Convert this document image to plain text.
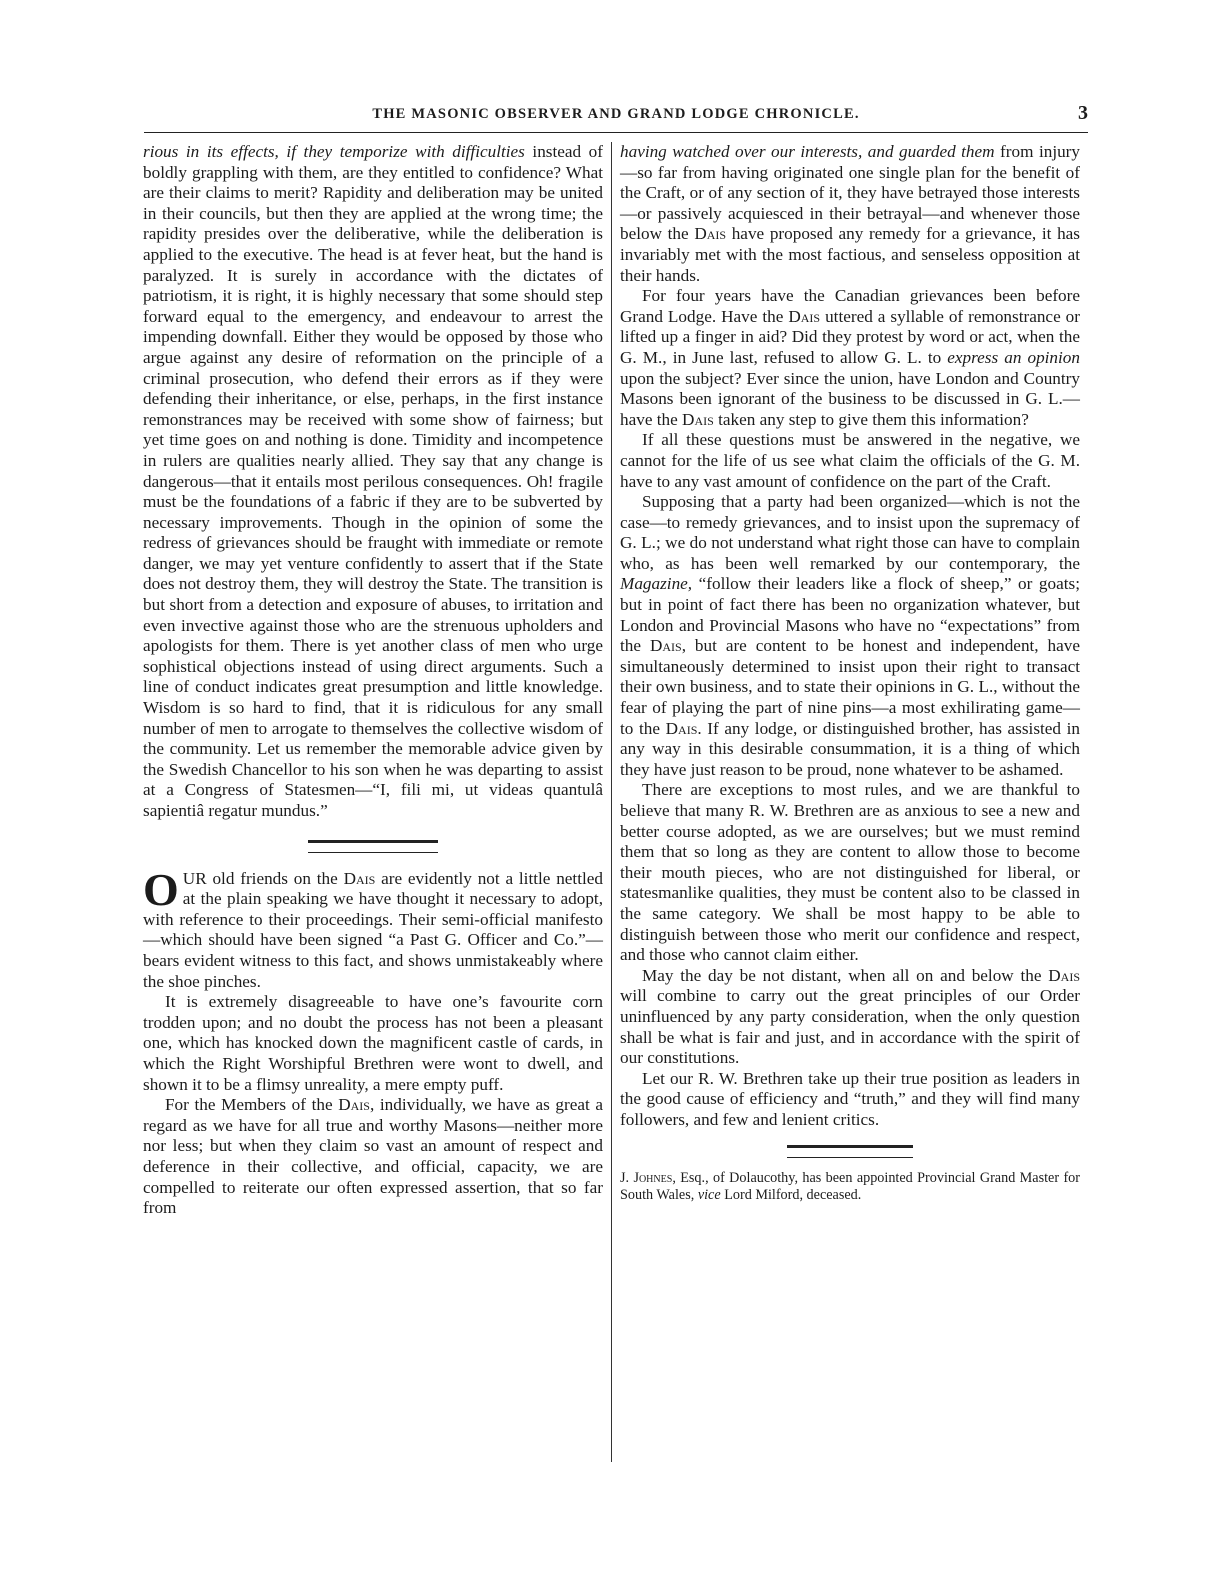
THE MASONIC OBSERVER AND GRAND LODGE CHRONICLE.	3

rious in its effects, if they temporize with difficulties instead of boldly grappling with them, are they entitled to confidence? What are their claims to merit? Rapidity and deliberation may be united in their councils, but then they are applied at the wrong time; the rapidity presides over the deliberative, while the deliberation is applied to the executive. The head is at fever heat, but the hand is paralyzed. It is surely in accordance with the dictates of patriotism, it is right, it is highly necessary that some should step forward equal to the emergency, and endeavour to arrest the impending downfall. Either they would be opposed by those who argue against any desire of reformation on the principle of a criminal prosecution, who defend their errors as if they were defending their inheritance, or else, perhaps, in the first instance remonstrances may be received with some show of fairness; but yet time goes on and nothing is done. Timidity and incompetence in rulers are qualities nearly allied. They say that any change is dangerous—that it entails most perilous consequences. Oh! fragile must be the foundations of a fabric if they are to be subverted by necessary improvements. Though in the opinion of some the redress of grievances should be fraught with immediate or remote danger, we may yet venture confidently to assert that if the State does not destroy them, they will destroy the State. The transition is but short from a detection and exposure of abuses, to irritation and even invective against those who are the strenuous upholders and apologists for them. There is yet another class of men who urge sophistical objections instead of using direct arguments. Such a line of conduct indicates great presumption and little knowledge. Wisdom is so hard to find, that it is ridiculous for any small number of men to arrogate to themselves the collective wisdom of the community. Let us remember the memorable advice given by the Swedish Chancellor to his son when he was departing to assist at a Congress of Statesmen—“I, fili mi, ut videas quantulâ sapientiâ regatur mundus.”

OUR old friends on the Dais are evidently not a little nettled at the plain speaking we have thought it necessary to adopt, with reference to their proceedings. Their semi-official manifesto—which should have been signed “a Past G. Officer and Co.”—bears evident witness to this fact, and shows unmistakeably where the shoe pinches.

It is extremely disagreeable to have one’s favourite corn trodden upon; and no doubt the process has not been a pleasant one, which has knocked down the magnificent castle of cards, in which the Right Worshipful Brethren were wont to dwell, and shown it to be a flimsy unreality, a mere empty puff.

For the Members of the Dais, individually, we have as great a regard as we have for all true and worthy Masons—neither more nor less; but when they claim so vast an amount of respect and deference in their collective, and official, capacity, we are compelled to reiterate our often expressed assertion, that so far from

having watched over our interests, and guarded them from injury—so far from having originated one single plan for the benefit of the Craft, or of any section of it, they have betrayed those interests—or passively acquiesced in their betrayal—and whenever those below the Dais have proposed any remedy for a grievance, it has invariably met with the most factious, and senseless opposition at their hands.

For four years have the Canadian grievances been before Grand Lodge. Have the Dais uttered a syllable of remonstrance or lifted up a finger in aid? Did they protest by word or act, when the G. M., in June last, refused to allow G. L. to express an opinion upon the subject? Ever since the union, have London and Country Masons been ignorant of the business to be discussed in G. L.—have the Dais taken any step to give them this information?

If all these questions must be answered in the negative, we cannot for the life of us see what claim the officials of the G. M. have to any vast amount of confidence on the part of the Craft.

Supposing that a party had been organized—which is not the case—to remedy grievances, and to insist upon the supremacy of G. L.; we do not understand what right those can have to complain who, as has been well remarked by our contemporary, the Magazine, “follow their leaders like a flock of sheep,” or goats; but in point of fact there has been no organization whatever, but London and Provincial Masons who have no “expectations” from the Dais, but are content to be honest and independent, have simultaneously determined to insist upon their right to transact their own business, and to state their opinions in G. L., without the fear of playing the part of nine pins—a most exhilirating game—to the Dais. If any lodge, or distinguished brother, has assisted in any way in this desirable consummation, it is a thing of which they have just reason to be proud, none whatever to be ashamed.

There are exceptions to most rules, and we are thankful to believe that many R. W. Brethren are as anxious to see a new and better course adopted, as we are ourselves; but we must remind them that so long as they are content to allow those to become their mouth pieces, who are not distinguished for liberal, or statesmanlike qualities, they must be content also to be classed in the same category. We shall be most happy to be able to distinguish between those who merit our confidence and respect, and those who cannot claim either.

May the day be not distant, when all on and below the Dais will combine to carry out the great principles of our Order uninfluenced by any party consideration, when the only question shall be what is fair and just, and in accordance with the spirit of our constitutions.

Let our R. W. Brethren take up their true position as leaders in the good cause of efficiency and “truth,” and they will find many followers, and few and lenient critics.

J. Johnes, Esq., of Dolaucothy, has been appointed Provincial Grand Master for South Wales, vice Lord Milford, deceased.
